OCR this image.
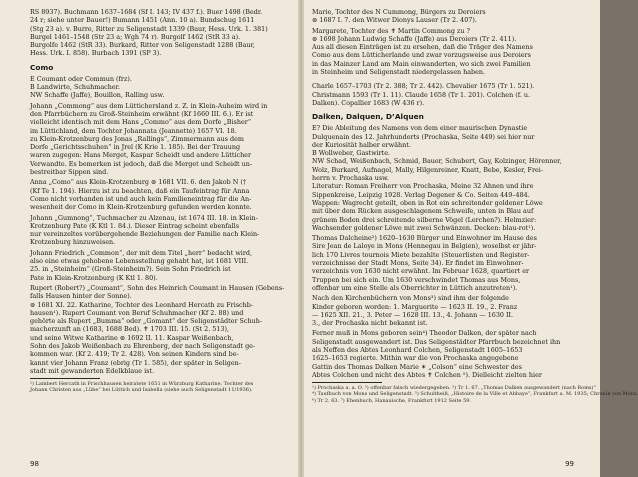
RS 8937). Buchmann 1637–1684 (Sf I. 143; IV 437 f.). Buer 1498 (Bedr.
24 r; siehe unter Bauer!) Bumann 1451 (Ann. 10 a). Bundschug 1611
(Stg 23 a). v. Burre, Ritter zu Seligenstadt 1339 (Baur, Hess. Urk. 1. 381)
Burgel 1461–1548 (Str 23 a; Wgh 74 r). Burgolf 1462 (StR 33 a).
Burgolfe 1462 (StR 33). Burkard, Ritter von Seligenstadt 1288 (Baur,
Hess. Urk. I. 858). Burbach 1391 (SP 3).
Como
E Coumant oder Commun (frz).
B Landwirte, Schuhmacher.
NW Schaffe (Jaffe), Bouillon, Ralling usw.
Johann „Commong“ aus dem Lüttichersland z. Z. in Klein-Auheim wird in
den Pfarrbüchern zu Groß-Steinheim erwähnt (Kf 1660 III. 6.). Er ist
vielleicht identisch mit dem Hans „Commo“ aus dem Dorfe „Bisher“
im Lüttichland, dem Tochter Johannata (Jeannette) 1657 VI. 18.
zu Klein-Krotzenburg des Jonas „Rallings“, Zimmermann aus dem
Dorfe „Gerichtsschuhen“ in Jrel (K Krie 1. 185). Bei der Trauung
waren zugegen: Hans Merget, Kaspar Scheidt und andere Lütticher
Verwandte. Es bemerken ist jedoch, daß die Merget und Scheidt un-
bestreitbar Sippen sind.
Anna „Como“ aus Klein-Krotzenburg ⊚ 1681 VII. 6. den Jakob N (†
(Kf Te 1. 194). Hierzu ist zu beachten, daß ein Taufeintrag für Anna
Como nicht vorhanden ist und auch kein Familieneintrag für die An-
wesenheit der Como in Klein-Krotzenburg gefunden werden konnte.
Johann „Gumnong“, Tuchmacher zu Alzenau, ist 1674 III. 18. in Klein-
Krotzenburg Pate (K Ktl 1. 84.). Dieser Eintrag scheint ebenfalls
nur vereinzeltes vorübergehende Beziehungen der Familie nach Klein-
Krotzenburg hinzuweisen.
Johann Friedrich „Common“, der mit dem Titel „herr“ bedacht wird,
also eine etwas gehobene Lebensstellung gehabt hat, ist 1681 VIII.
25. in „Steinheim“ (Groß-Steinheim?). Sein Sohn Friedrich ist
Pate in Klein-Krotzenburg (K Ktl 1. 80).
Rupert (Robert?) „Coumant“, Sohn des Heinrich Coumant in Hausen (Gebens-
falls Hausen hinter der Sonne).
⊚ 1681 XI. 22. Katharine, Tochter des Leonhard Hercath zu Frischb-
hausen¹). Rupert Coumant von Beruf Schuhmacher (Kf 2. 88) und
gehörte als Rupert „Bumma“ oder „Gomant“ der Seligenstädter Schuh-
macherzunft an (1683, 1688 Bed). ✝ 1703 III. 15. (St 2. 513),
und seine Witwe Katharine ⊚ 1692 II. 11. Kaspar Weißenbach,
Sohn des Jakob Weißenbach zu Ehrenberg, der nach Seligenstadt ge-
kommen war. (Kf 2. 419; Tr 2. 428). Von seinen Kindern sind be-
kannt vier Johann Franz (ebrig (Tr 1. 585), der später in Seligen-
stadt mit gewanderten Edelkblaue ist.
¹) Lambert Hercath in Frischhausen heiratete 1651 in Würzburg Katharine, Tochter des
Johann Christen aus „Lübe“ bei Lüttich und Isabella (siehe auch Seligenstadt 11/1936).
98
Marie, Tochter des N Cummong, Bürgers zu Deroiers
⊚ 1687 I. 7. den Witwer Dionys Lauser (Tr 2. 407).
Margarete, Tochter des ✝ Martin Commong zu ?
⊚ 1698 Johann Ludwig Schaffe (Jaffe) aus Deroiers (Tr 2. 411).
Aus all diesen Einträgen ist zu ersehen, daß die Träger des Namens
Como aus dem Lütticherlande und zwar vorzugsweise aus Deroiers
in das Mainzer Land am Main einwanderten, wo sich zwei Familien
in Steinheim und Seligenstadt niedergelassen haben.
Charle 1657–1703 (Tr 2. 388; Tr 2. 442). Chevalier 1675 (Tr 1. 521).
Christmann 1593 (Tr 1. 11). Claude 1658 (Tr 1. 201). Colchen (f. u.
Dalken). Copallier 1683 (W 436 r).
Dalken, Dalquen, D’Alquen
E? Die Ableitung des Namens von dem einer maurischen Dynastie
Dulquenain des 12. Jahrhunderts (Prochaska, Seite 449) sei hier nur
der Kuriosität halber erwähnt.
B Wollweber, Gastwirte.
NW Schad, Weißenbach, Schmid, Bauer, Schubert, Gay, Kolzinger, Hörenner,
Wolz, Burkard, Aufnagel, Mally, Hilgenreiner, Knatt, Bebe, Kesler, Frei-
herrn v. Prochaska usw.
Literatur: Roman Freiherr von Prochaska, Meine 32 Ahnen und ihre
Sippenkreise, Leipzig 1928. Verlag Degener & Co. Seiten 449–484.
Wappen: Wagrecht geteilt, oben in Rot ein schreitender goldener Löwe
mit über dem Rücken ausgeschlagenem Schweife, unten in Blau auf
grünem Boden drei schreitende silberne Vögel (Lerchen?). Helmzier:
Wachsender goldener Löwe mit zwei Schwänzen. Decken: blau-rot¹).
Thomas Dalcheine²) 1620–1630 Bürger und Einwohner im Hause des
Sire Jean de Laloye in Mons (Hennegau in Belgien), woselbst er jähr-
lich 170 Livres tournois Miete bezahlte (Steuerlisten und Register-
verzeichnisse der Stadt Mons, Seite 34). Er findet im Einwohner-
verzeichnis von 1630 nicht erwähnt. Im Februar 1628, quartiert er
Truppen bei sich ein. Um 1630 verschwindet Thomas aus Mons,
offenbar um eine Stelle als Oberrichter in Lüttich anzutreten¹).
Nach den Kirchenbüchern von Mons³) sind ihm der folgende
Kinder geboren worden: 1. Marguerite — 1623 II. 19., 2. Franz
— 1625 XII. 21., 3. Peter — 1628 III. 13., 4. Johann — 1630 II.
3., der Prochaska nicht bekannt ist.
Ferner muß in Mons geboren sein⁴) Theodor Dalken, der später nach
Seligenstadt ausgewandert ist. Das Seligenstädter Pfarrbuch bezeichnet ihn
als Neffen des Abtes Leonhard Colchen, Seligenstadt 1605–1653
1625–1653 regierte. Mithin war die von Prochaska angegebene
Gattin des Thomas Dalken Marie ✶ „Colson“ eine Schwester des
Abtes Colchen und nicht des Abtes ✝ Colchen ⁵). Dielleicht zielten hier
¹) Prochaska a. a. O. ²) offenbar falsch wiedergegeben. ³) Tr 1. 67. „Thomas Dalken ausgewandert (nach Roms)“
⁴) Taufbuch von Mons und Seligenstadt. ⁵) Schultheiß, „Histoire de la Ville et Abbaye“, Frankfurt a. M. 1935; Chronik von Mons.
⁶) Tr 2. 63. ⁷) Ehenbuch, Hanauische, Frankfurt 1912 Seite 59.
99
